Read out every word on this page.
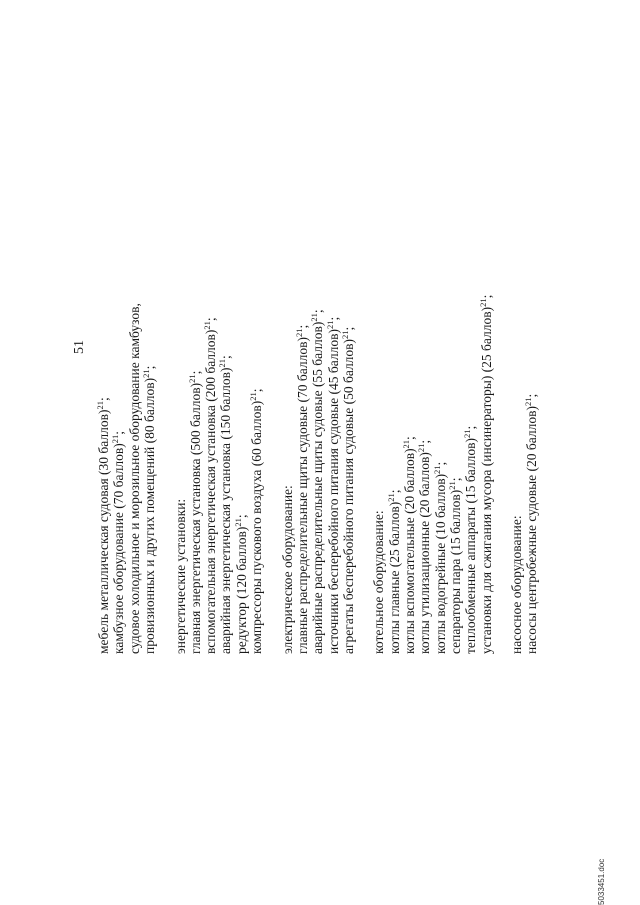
51
мебель металлическая судовая (30 баллов)$^{21}$;
камбузное оборудование (70 баллов)$^{21}$; судовое холодильное и морозильное оборудование камбузов, провизионных и других помещений (80 баллов)$^{21}$;
энергетические установки: главная энергетическая установка (500 баллов)$^{21}$; вспомогательная энергетическая установка (200 баллов)$^{21}$;
аварийная энергетическая установка (150 баллов)$^{21}$;
редуктор (120 баллов)$^{21}$; компрессоры пускового воздуха (60 баллов)$^{21}$;
электрическое оборудование: главные распределительные щиты судовые (70 баллов)$^{21}$; аварийные распределительные щиты судовые (55 баллов)$^{21}$;
источники бесперебойного питания судовые (45 баллов)$^{21}$;
агрегаты бесперебойного питания судовые (50 баллов)$^{21}$;
котельное оборудование: котлы главные (25 баллов)$^{21}$; котлы вспомогательные (20 баллов)$^{21}$;
котлы утилизационные (20 баллов)$^{21}$;
котлы водогрейные (10 баллов)$^{21}$;
сепараторы пара (15 баллов)$^{21}$; теплообменные аппараты (15 баллов)$^{21}$; установки для сжигания мусора (инсинераторы) (25 баллов)$^{21}$;
насосное оборудование: насосы центробежные судовые (20 баллов)$^{21}$;
5033451.doc
